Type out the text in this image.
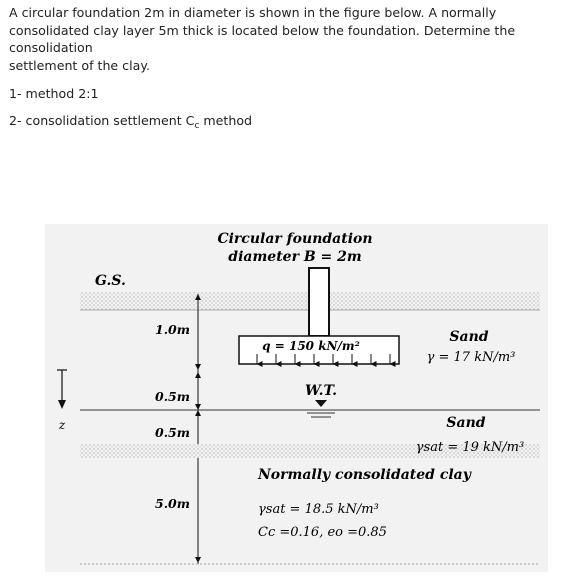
A circular foundation 2m in diameter is shown in the figure below. A normally
consolidated clay layer 5m thick is located below the foundation. Determine the consolidation
settlement of the clay.

1- method 2:1

2- consolidation settlement $C_c$ method

Circular foundation
diameter B = 2m
G.S.
q = 150 kN/m²
1.0m
0.5m
0.5m
5.0m
W.T.
z
Sand
γ = 17 kN/m³
Sand
γsat = 19 kN/m³
Normally consolidated clay
γsat = 18.5 kN/m³
Cc =0.16, eo =0.85
